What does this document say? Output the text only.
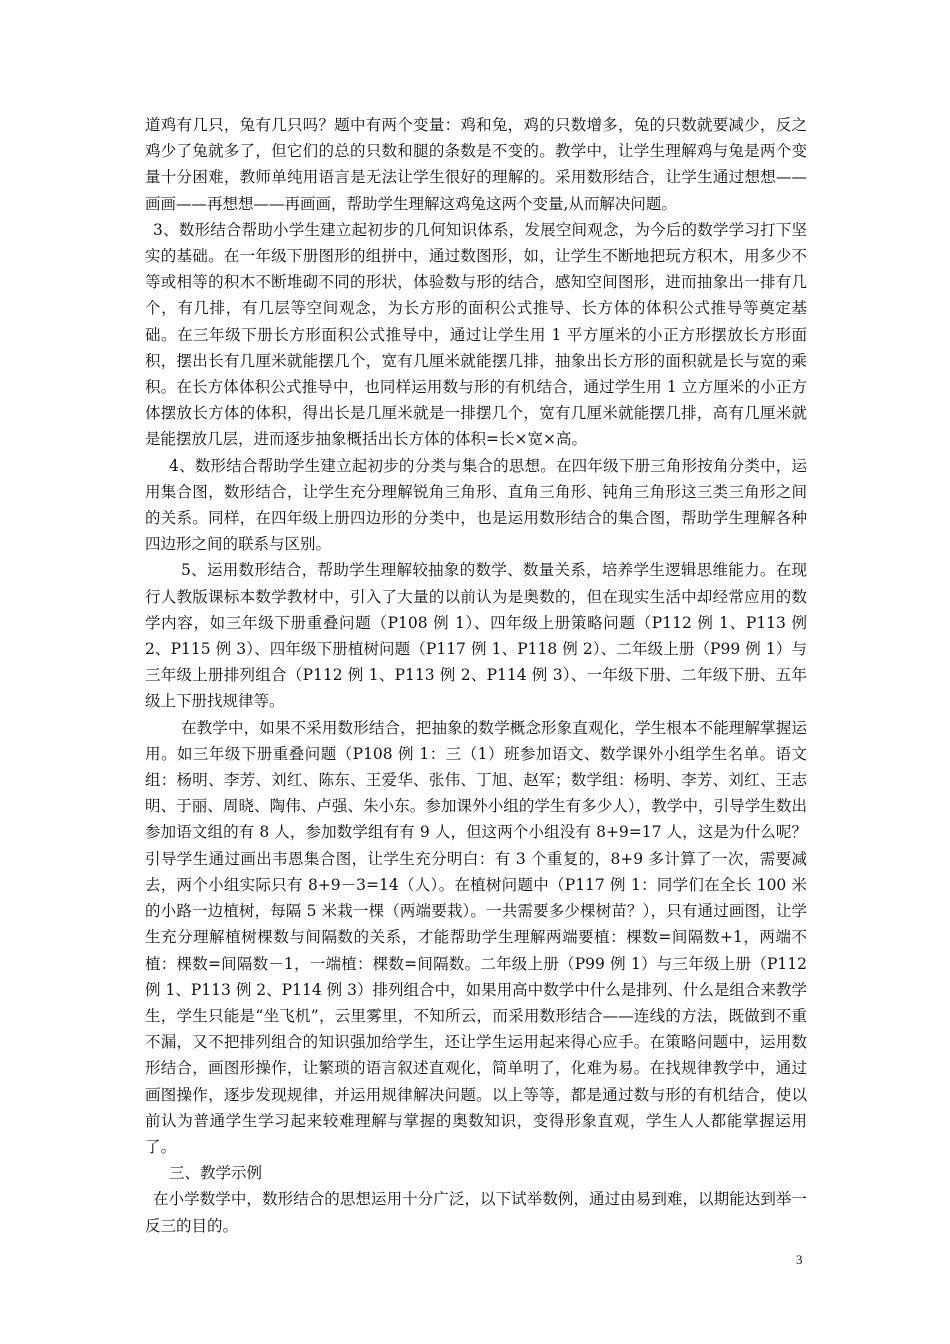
道鸡有几只，兔有几只吗？题中有两个变量：鸡和兔，鸡的只数增多，兔的只数就要减少，反之鸡少了兔就多了，但它们的总的只数和腿的条数是不变的。教学中，让学生理解鸡与兔是两个变量十分困难，教师单纯用语言是无法让学生很好的理解的。采用数形结合，让学生通过想想——画画——再想想——再画画，帮助学生理解这鸡兔这两个变量,从而解决问题。

3、数形结合帮助小学生建立起初步的几何知识体系，发展空间观念，为今后的数学学习打下坚实的基础。在一年级下册图形的组拼中，通过数图形，如，让学生不断地把玩方积木，用多少不等或相等的积木不断堆砌不同的形状，体验数与形的结合，感知空间图形，进而抽象出一排有几个，有几排，有几层等空间观念，为长方形的面积公式推导、长方体的体积公式推导等奠定基础。在三年级下册长方形面积公式推导中，通过让学生用 1 平方厘米的小正方形摆放长方形面积，摆出长有几厘米就能摆几个，宽有几厘米就能摆几排，抽象出长方形的面积就是长与宽的乘积。在长方体体积公式推导中，也同样运用数与形的有机结合，通过学生用 1 立方厘米的小正方体摆放长方体的体积，得出长是几厘米就是一排摆几个，宽有几厘米就能摆几排，高有几厘米就是能摆放几层，进而逐步抽象概括出长方体的体积=长×宽×高。

4、数形结合帮助学生建立起初步的分类与集合的思想。在四年级下册三角形按角分类中，运用集合图，数形结合，让学生充分理解锐角三角形、直角三角形、钝角三角形这三类三角形之间的关系。同样，在四年级上册四边形的分类中，也是运用数形结合的集合图，帮助学生理解各种四边形之间的联系与区别。

5、运用数形结合，帮助学生理解较抽象的数学、数量关系，培养学生逻辑思维能力。在现行人教版课标本数学教材中，引入了大量的以前认为是奥数的，但在现实生活中却经常应用的数学内容，如三年级下册重叠问题（P108 例 1）、四年级上册策略问题（P112 例 1、P113 例 2、P115 例 3）、四年级下册植树问题（P117 例 1、P118 例 2）、二年级上册（P99 例 1）与三年级上册排列组合（P112 例 1、P113 例 2、P114 例 3）、一年级下册、二年级下册、五年级上下册找规律等。

在教学中，如果不采用数形结合，把抽象的数学概念形象直观化，学生根本不能理解掌握运用。如三年级下册重叠问题（P108 例 1：三（1）班参加语文、数学课外小组学生名单。语文组：杨明、李芳、刘红、陈东、王爱华、张伟、丁旭、赵军；数学组：杨明、李芳、刘红、王志明、于丽、周晓、陶伟、卢强、朱小东。参加课外小组的学生有多少人），教学中，引导学生数出参加语文组的有 8 人，参加数学组有有 9 人，但这两个小组没有 8+9=17 人，这是为什么呢？引导学生通过画出韦恩集合图，让学生充分明白：有 3 个重复的，8+9 多计算了一次，需要减去，两个小组实际只有 8+9－3=14（人）。在植树问题中（P117 例 1：同学们在全长 100 米的小路一边植树，每隔 5 米栽一棵（两端要栽）。一共需要多少棵树苗？），只有通过画图，让学生充分理解植树棵数与间隔数的关系，才能帮助学生理解两端要植：棵数=间隔数+1，两端不植：棵数=间隔数－1，一端植：棵数=间隔数。二年级上册（P99 例 1）与三年级上册（P112 例 1、P113 例 2、P114 例 3）排列组合中，如果用高中数学中什么是排列、什么是组合来教学生，学生只能是“坐飞机”，云里雾里，不知所云，而采用数形结合——连线的方法，既做到不重不漏，又不把排列组合的知识强加给学生，还让学生运用起来得心应手。在策略问题中，运用数形结合，画图形操作，让繁琐的语言叙述直观化，简单明了，化难为易。在找规律教学中，通过画图操作，逐步发现规律，并运用规律解决问题。以上等等，都是通过数与形的有机结合，使以前认为普通学生学习起来较难理解与掌握的奥数知识，变得形象直观，学生人人都能掌握运用了。

三、教学示例

在小学数学中，数形结合的思想运用十分广泛，以下试举数例，通过由易到难，以期能达到举一反三的目的。

3
